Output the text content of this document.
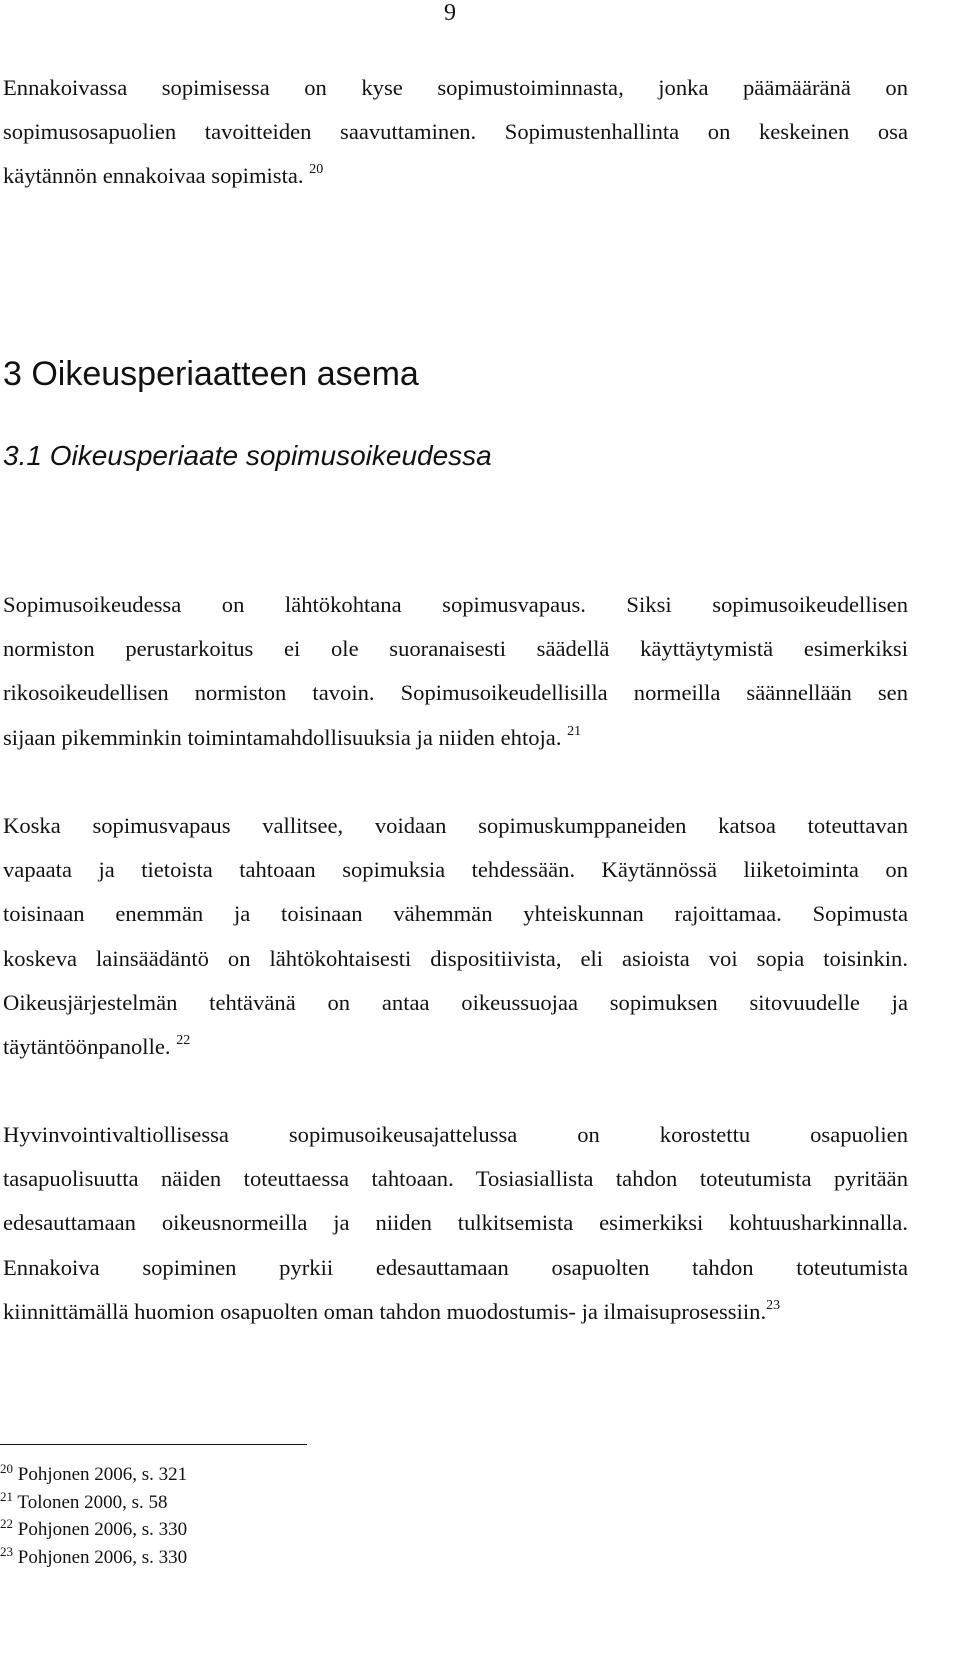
9
Ennakoivassa sopimisessa on kyse sopimustoiminnasta, jonka päämääränä on
sopimusosapuolien tavoitteiden saavuttaminen. Sopimustenhallinta on keskeinen osa
käytännön ennakoivaa sopimista. $^{20}$
3 Oikeusperiaatteen asema
3.1 Oikeusperiaate sopimusoikeudessa
Sopimusoikeudessa on lähtökohtana sopimusvapaus. Siksi sopimusoikeudellisen
normiston perustarkoitus ei ole suoranaisesti säädellä käyttäytymistä esimerkiksi
rikosoikeudellisen normiston tavoin. Sopimusoikeudellisilla normeilla säännellään sen
sijaan pikemminkin toimintamahdollisuuksia ja niiden ehtoja. $^{21}$
Koska sopimusvapaus vallitsee, voidaan sopimuskumppaneiden katsoa toteuttavan
vapaata ja tietoista tahtoaan sopimuksia tehdessään. Käytännössä liiketoiminta on
toisinaan enemmän ja toisinaan vähemmän yhteiskunnan rajoittamaa. Sopimusta
koskeva lainsäädäntö on lähtökohtaisesti dispositiivista, eli asioista voi sopia toisinkin.
Oikeusjärjestelmän tehtävänä on antaa oikeussuojaa sopimuksen sitovuudelle ja
täytäntöönpanolle. $^{22}$
Hyvinvointivaltiollisessa sopimusoikeusajattelussa on korostettu osapuolien
tasapuolisuutta näiden toteuttaessa tahtoaan. Tosiasiallista tahdon toteutumista pyritään
edesauttamaan oikeusnormeilla ja niiden tulkitsemista esimerkiksi kohtuusharkinnalla.
Ennakoiva sopiminen pyrkii edesauttamaan osapuolten tahdon toteutumista
kiinnittämällä huomion osapuolten oman tahdon muodostumis- ja ilmaisuprosessiin.$^{23}$
$^{20}$ Pohjonen 2006, s. 321
$^{21}$ Tolonen 2000, s. 58
$^{22}$ Pohjonen 2006, s. 330
$^{23}$ Pohjonen 2006, s. 330
